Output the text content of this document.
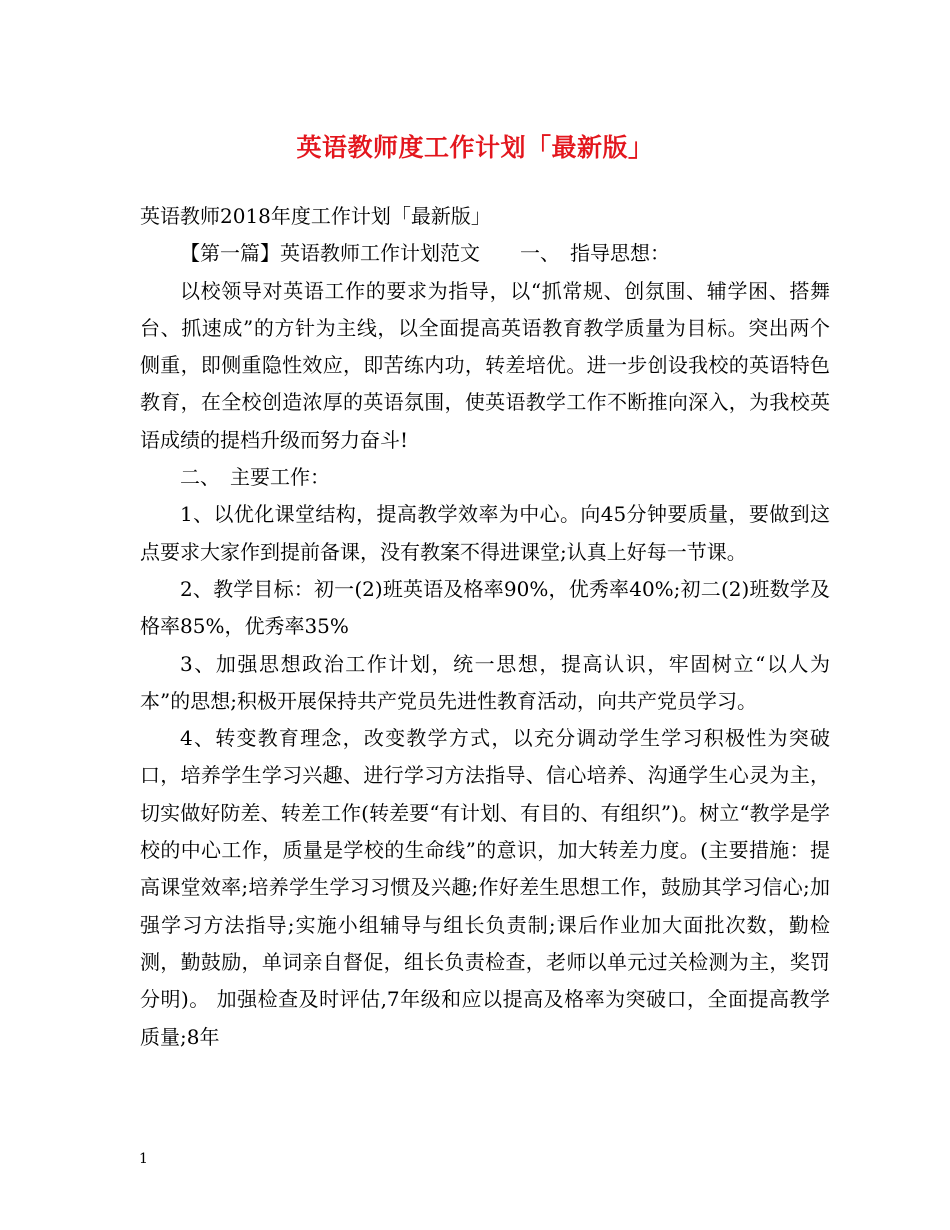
英语教师度工作计划「最新版」

英语教师2018年度工作计划「最新版」

【第一篇】英语教师工作计划范文　　一、　指导思想：

以校领导对英语工作的要求为指导，以“抓常规、创氛围、辅学困、搭舞台、抓速成”的方针为主线，以全面提高英语教育教学质量为目标。突出两个侧重，即侧重隐性效应，即苦练内功，转差培优。进一步创设我校的英语特色教育，在全校创造浓厚的英语氛围，使英语教学工作不断推向深入，为我校英语成绩的提档升级而努力奋斗!

二、　主要工作：

1、以优化课堂结构，提高教学效率为中心。向45分钟要质量，要做到这点要求大家作到提前备课，没有教案不得进课堂;认真上好每一节课。

2、教学目标：初一(2)班英语及格率90%，优秀率40%;初二(2)班数学及格率85%，优秀率35%

3、加强思想政治工作计划，统一思想，提高认识，牢固树立“以人为本”的思想;积极开展保持共产党员先进性教育活动，向共产党员学习。

4、转变教育理念，改变教学方式，以充分调动学生学习积极性为突破口，培养学生学习兴趣、进行学习方法指导、信心培养、沟通学生心灵为主，切实做好防差、转差工作(转差要“有计划、有目的、有组织”)。树立“教学是学校的中心工作，质量是学校的生命线”的意识，加大转差力度。(主要措施：提高课堂效率;培养学生学习习惯及兴趣;作好差生思想工作，鼓励其学习信心;加强学习方法指导;实施小组辅导与组长负责制;课后作业加大面批次数，勤检测，勤鼓励，单词亲自督促，组长负责检查，老师以单元过关检测为主，奖罚分明)。 加强检查及时评估,7年级和应以提高及格率为突破口，全面提高教学质量;8年

1
